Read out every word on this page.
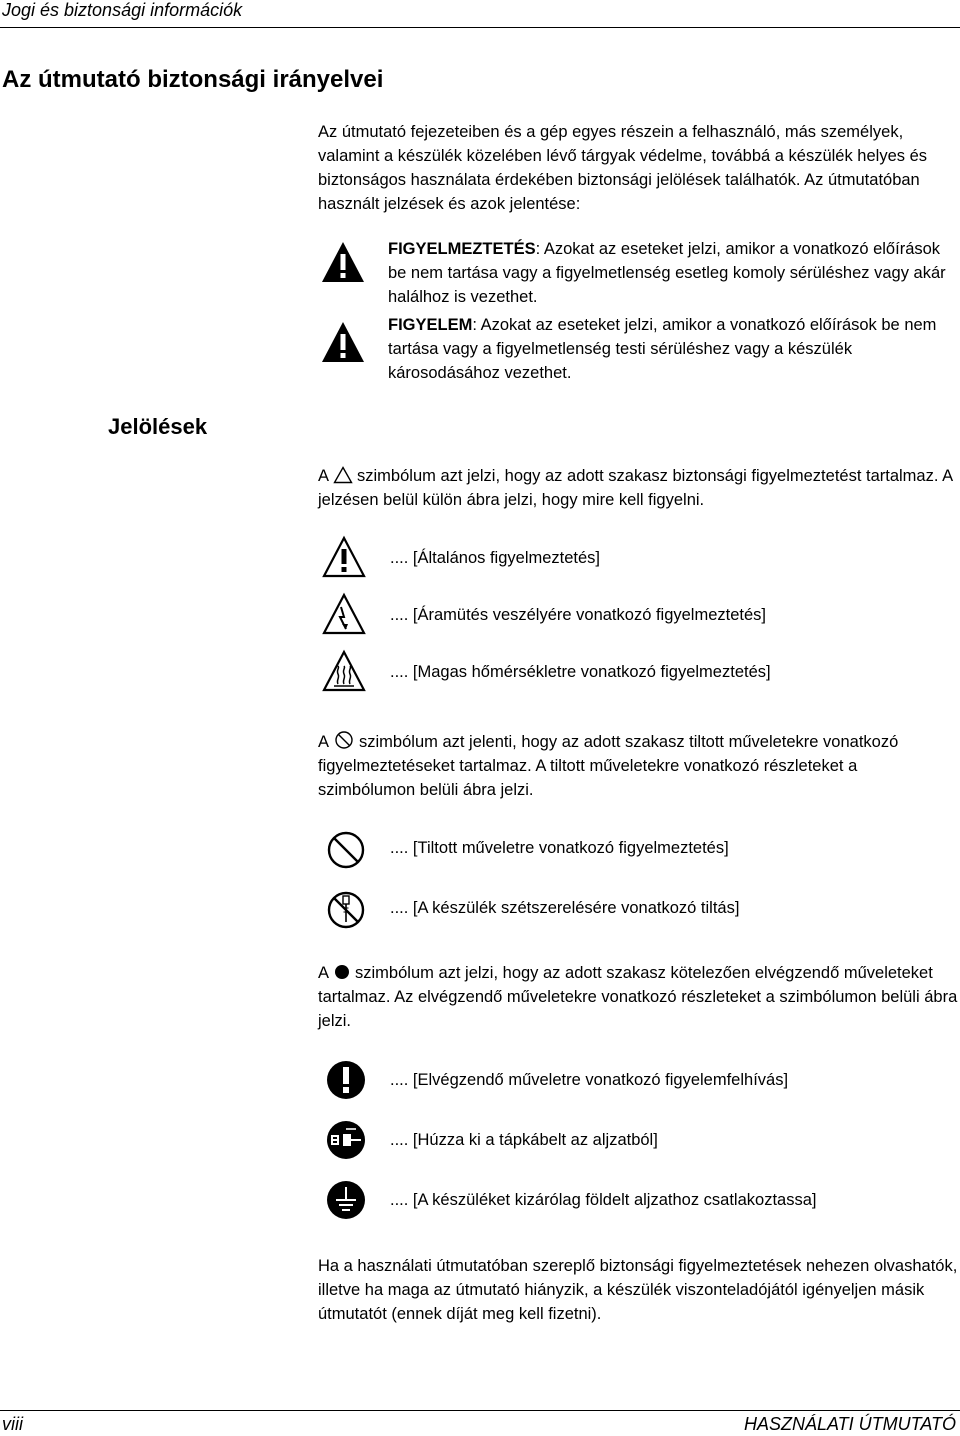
Jogi és biztonsági információk
Az útmutató biztonsági irányelvei
Az útmutató fejezeteiben és a gép egyes részein a felhasználó, más személyek, valamint a készülék közelében lévő tárgyak védelme, továbbá a készülék helyes és biztonságos használata érdekében biztonsági jelölések találhatók. Az útmutatóban használt jelzések és azok jelentése:
FIGYELMEZTETÉS: Azokat az eseteket jelzi, amikor a vonatkozó előírások be nem tartása vagy a figyelmetlenség esetleg komoly sérüléshez vagy akár halálhoz is vezethet.
FIGYELEM: Azokat az eseteket jelzi, amikor a vonatkozó előírások be nem tartása vagy a figyelmetlenség testi sérüléshez vagy a készülék károsodásához vezethet.
Jelölések
A szimbólum azt jelzi, hogy az adott szakasz biztonsági figyelmeztetést tartalmaz. A jelzésen belül külön ábra jelzi, hogy mire kell figyelni.
.... [Általános figyelmeztetés]
.... [Áramütés veszélyére vonatkozó figyelmeztetés]
.... [Magas hőmérsékletre vonatkozó figyelmeztetés]
A szimbólum azt jelenti, hogy az adott szakasz tiltott műveletekre vonatkozó figyelmeztetéseket tartalmaz. A tiltott műveletekre vonatkozó részleteket a szimbólumon belüli ábra jelzi.
.... [Tiltott műveletre vonatkozó figyelmeztetés]
.... [A készülék szétszerelésére vonatkozó tiltás]
A szimbólum azt jelzi, hogy az adott szakasz kötelezően elvégzendő műveleteket tartalmaz. Az elvégzendő műveletekre vonatkozó részleteket a szimbólumon belüli ábra jelzi.
.... [Elvégzendő műveletre vonatkozó figyelemfelhívás]
.... [Húzza ki a tápkábelt az aljzatból]
.... [A készüléket kizárólag földelt aljzathoz csatlakoztassa]
Ha a használati útmutatóban szereplő biztonsági figyelmeztetések nehezen olvashatók, illetve ha maga az útmutató hiányzik, a készülék viszonteladójától igényeljen másik útmutatót (ennek díját meg kell fizetni).
viii	HASZNÁLATI ÚTMUTATÓ
